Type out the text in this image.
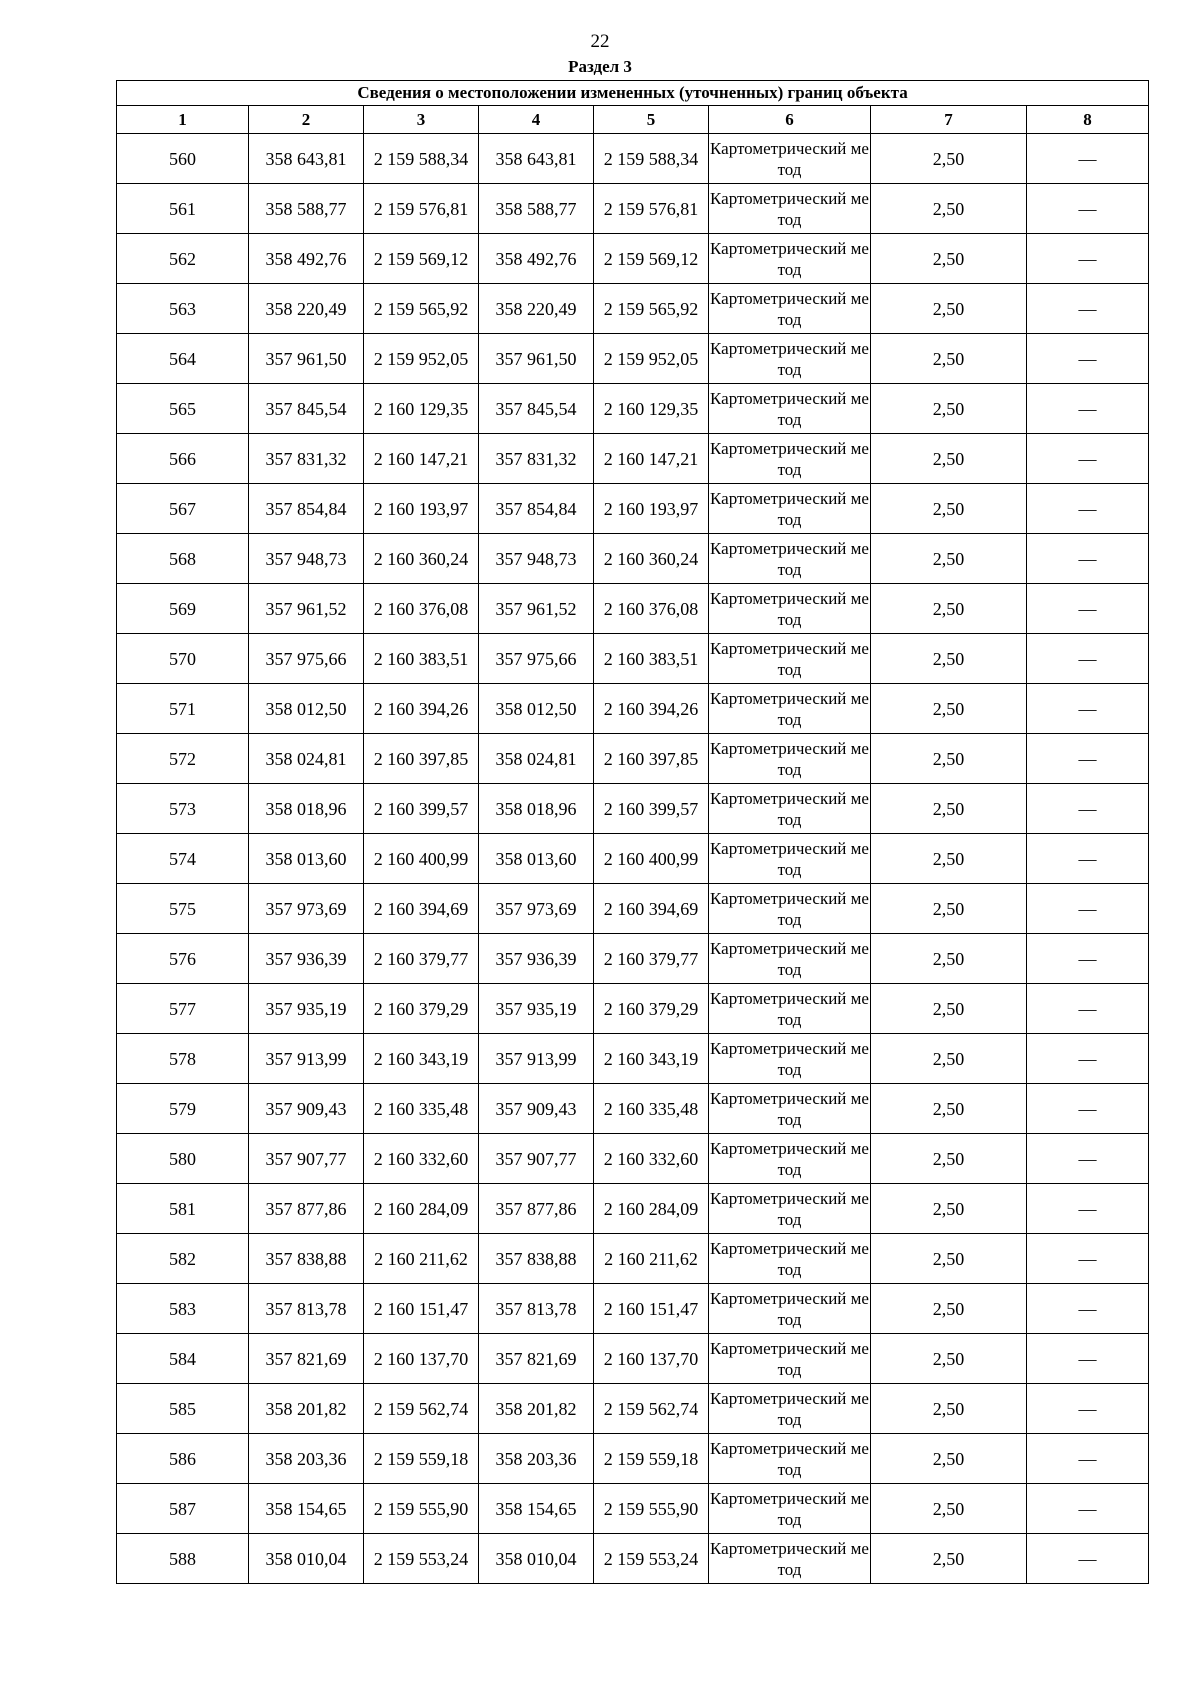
22
Раздел 3
Сведения о местоположении измененных (уточненных) границ объекта							
1	2	3	4	5	6	7	8
560	358 643,81	2 159 588,34	358 643,81	2 159 588,34	Картометрический метод	2,50	—
561	358 588,77	2 159 576,81	358 588,77	2 159 576,81	Картометрический метод	2,50	—
562	358 492,76	2 159 569,12	358 492,76	2 159 569,12	Картометрический метод	2,50	—
563	358 220,49	2 159 565,92	358 220,49	2 159 565,92	Картометрический метод	2,50	—
564	357 961,50	2 159 952,05	357 961,50	2 159 952,05	Картометрический метод	2,50	—
565	357 845,54	2 160 129,35	357 845,54	2 160 129,35	Картометрический метод	2,50	—
566	357 831,32	2 160 147,21	357 831,32	2 160 147,21	Картометрический метод	2,50	—
567	357 854,84	2 160 193,97	357 854,84	2 160 193,97	Картометрический метод	2,50	—
568	357 948,73	2 160 360,24	357 948,73	2 160 360,24	Картометрический метод	2,50	—
569	357 961,52	2 160 376,08	357 961,52	2 160 376,08	Картометрический метод	2,50	—
570	357 975,66	2 160 383,51	357 975,66	2 160 383,51	Картометрический метод	2,50	—
571	358 012,50	2 160 394,26	358 012,50	2 160 394,26	Картометрический метод	2,50	—
572	358 024,81	2 160 397,85	358 024,81	2 160 397,85	Картометрический метод	2,50	—
573	358 018,96	2 160 399,57	358 018,96	2 160 399,57	Картометрический метод	2,50	—
574	358 013,60	2 160 400,99	358 013,60	2 160 400,99	Картометрический метод	2,50	—
575	357 973,69	2 160 394,69	357 973,69	2 160 394,69	Картометрический метод	2,50	—
576	357 936,39	2 160 379,77	357 936,39	2 160 379,77	Картометрический метод	2,50	—
577	357 935,19	2 160 379,29	357 935,19	2 160 379,29	Картометрический метод	2,50	—
578	357 913,99	2 160 343,19	357 913,99	2 160 343,19	Картометрический метод	2,50	—
579	357 909,43	2 160 335,48	357 909,43	2 160 335,48	Картометрический метод	2,50	—
580	357 907,77	2 160 332,60	357 907,77	2 160 332,60	Картометрический метод	2,50	—
581	357 877,86	2 160 284,09	357 877,86	2 160 284,09	Картометрический метод	2,50	—
582	357 838,88	2 160 211,62	357 838,88	2 160 211,62	Картометрический метод	2,50	—
583	357 813,78	2 160 151,47	357 813,78	2 160 151,47	Картометрический метод	2,50	—
584	357 821,69	2 160 137,70	357 821,69	2 160 137,70	Картометрический метод	2,50	—
585	358 201,82	2 159 562,74	358 201,82	2 159 562,74	Картометрический метод	2,50	—
586	358 203,36	2 159 559,18	358 203,36	2 159 559,18	Картометрический метод	2,50	—
587	358 154,65	2 159 555,90	358 154,65	2 159 555,90	Картометрический метод	2,50	—
588	358 010,04	2 159 553,24	358 010,04	2 159 553,24	Картометрический метод	2,50	—
